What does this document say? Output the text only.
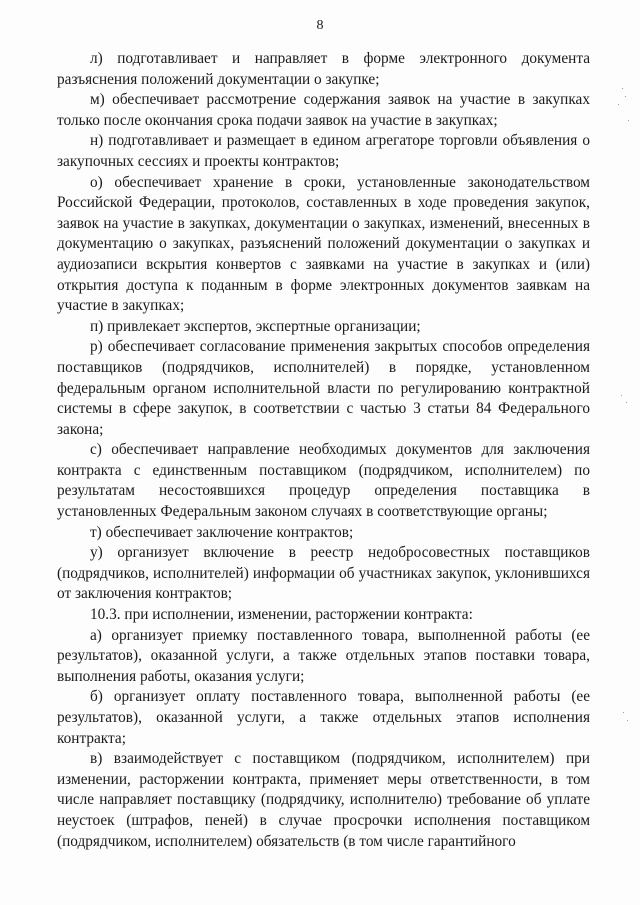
8

л) подготавливает и направляет в форме электронного документа разъяснения положений документации о закупке;

м) обеспечивает рассмотрение содержания заявок на участие в закупках только после окончания срока подачи заявок на участие в закупках;

н) подготавливает и размещает в едином агрегаторе торговли объявления о закупочных сессиях и проекты контрактов;

о) обеспечивает хранение в сроки, установленные законодательством Российской Федерации, протоколов, составленных в ходе проведения закупок, заявок на участие в закупках, документации о закупках, изменений, внесенных в документацию о закупках, разъяснений положений документации о закупках и аудиозаписи вскрытия конвертов с заявками на участие в закупках и (или) открытия доступа к поданным в форме электронных документов заявкам на участие в закупках;

п) привлекает экспертов, экспертные организации;

р) обеспечивает согласование применения закрытых способов определения поставщиков (подрядчиков, исполнителей) в порядке, установленном федеральным органом исполнительной власти по регулированию контрактной системы в сфере закупок, в соответствии с частью 3 статьи 84 Федерального закона;

с) обеспечивает направление необходимых документов для заключения контракта с единственным поставщиком (подрядчиком, исполнителем) по результатам несостоявшихся процедур определения поставщика в установленных Федеральным законом случаях в соответствующие органы;

т) обеспечивает заключение контрактов;

у) организует включение в реестр недобросовестных поставщиков (подрядчиков, исполнителей) информации об участниках закупок, уклонившихся от заключения контрактов;

10.3. при исполнении, изменении, расторжении контракта:

а) организует приемку поставленного товара, выполненной работы (ее результатов), оказанной услуги, а также отдельных этапов поставки товара, выполнения работы, оказания услуги;

б) организует оплату поставленного товара, выполненной работы (ее результатов), оказанной услуги, а также отдельных этапов исполнения контракта;

в) взаимодействует с поставщиком (подрядчиком, исполнителем) при изменении, расторжении контракта, применяет меры ответственности, в том числе направляет поставщику (подрядчику, исполнителю) требование об уплате неустоек (штрафов, пеней) в случае просрочки исполнения поставщиком (подрядчиком, исполнителем) обязательств (в том числе гарантийного
